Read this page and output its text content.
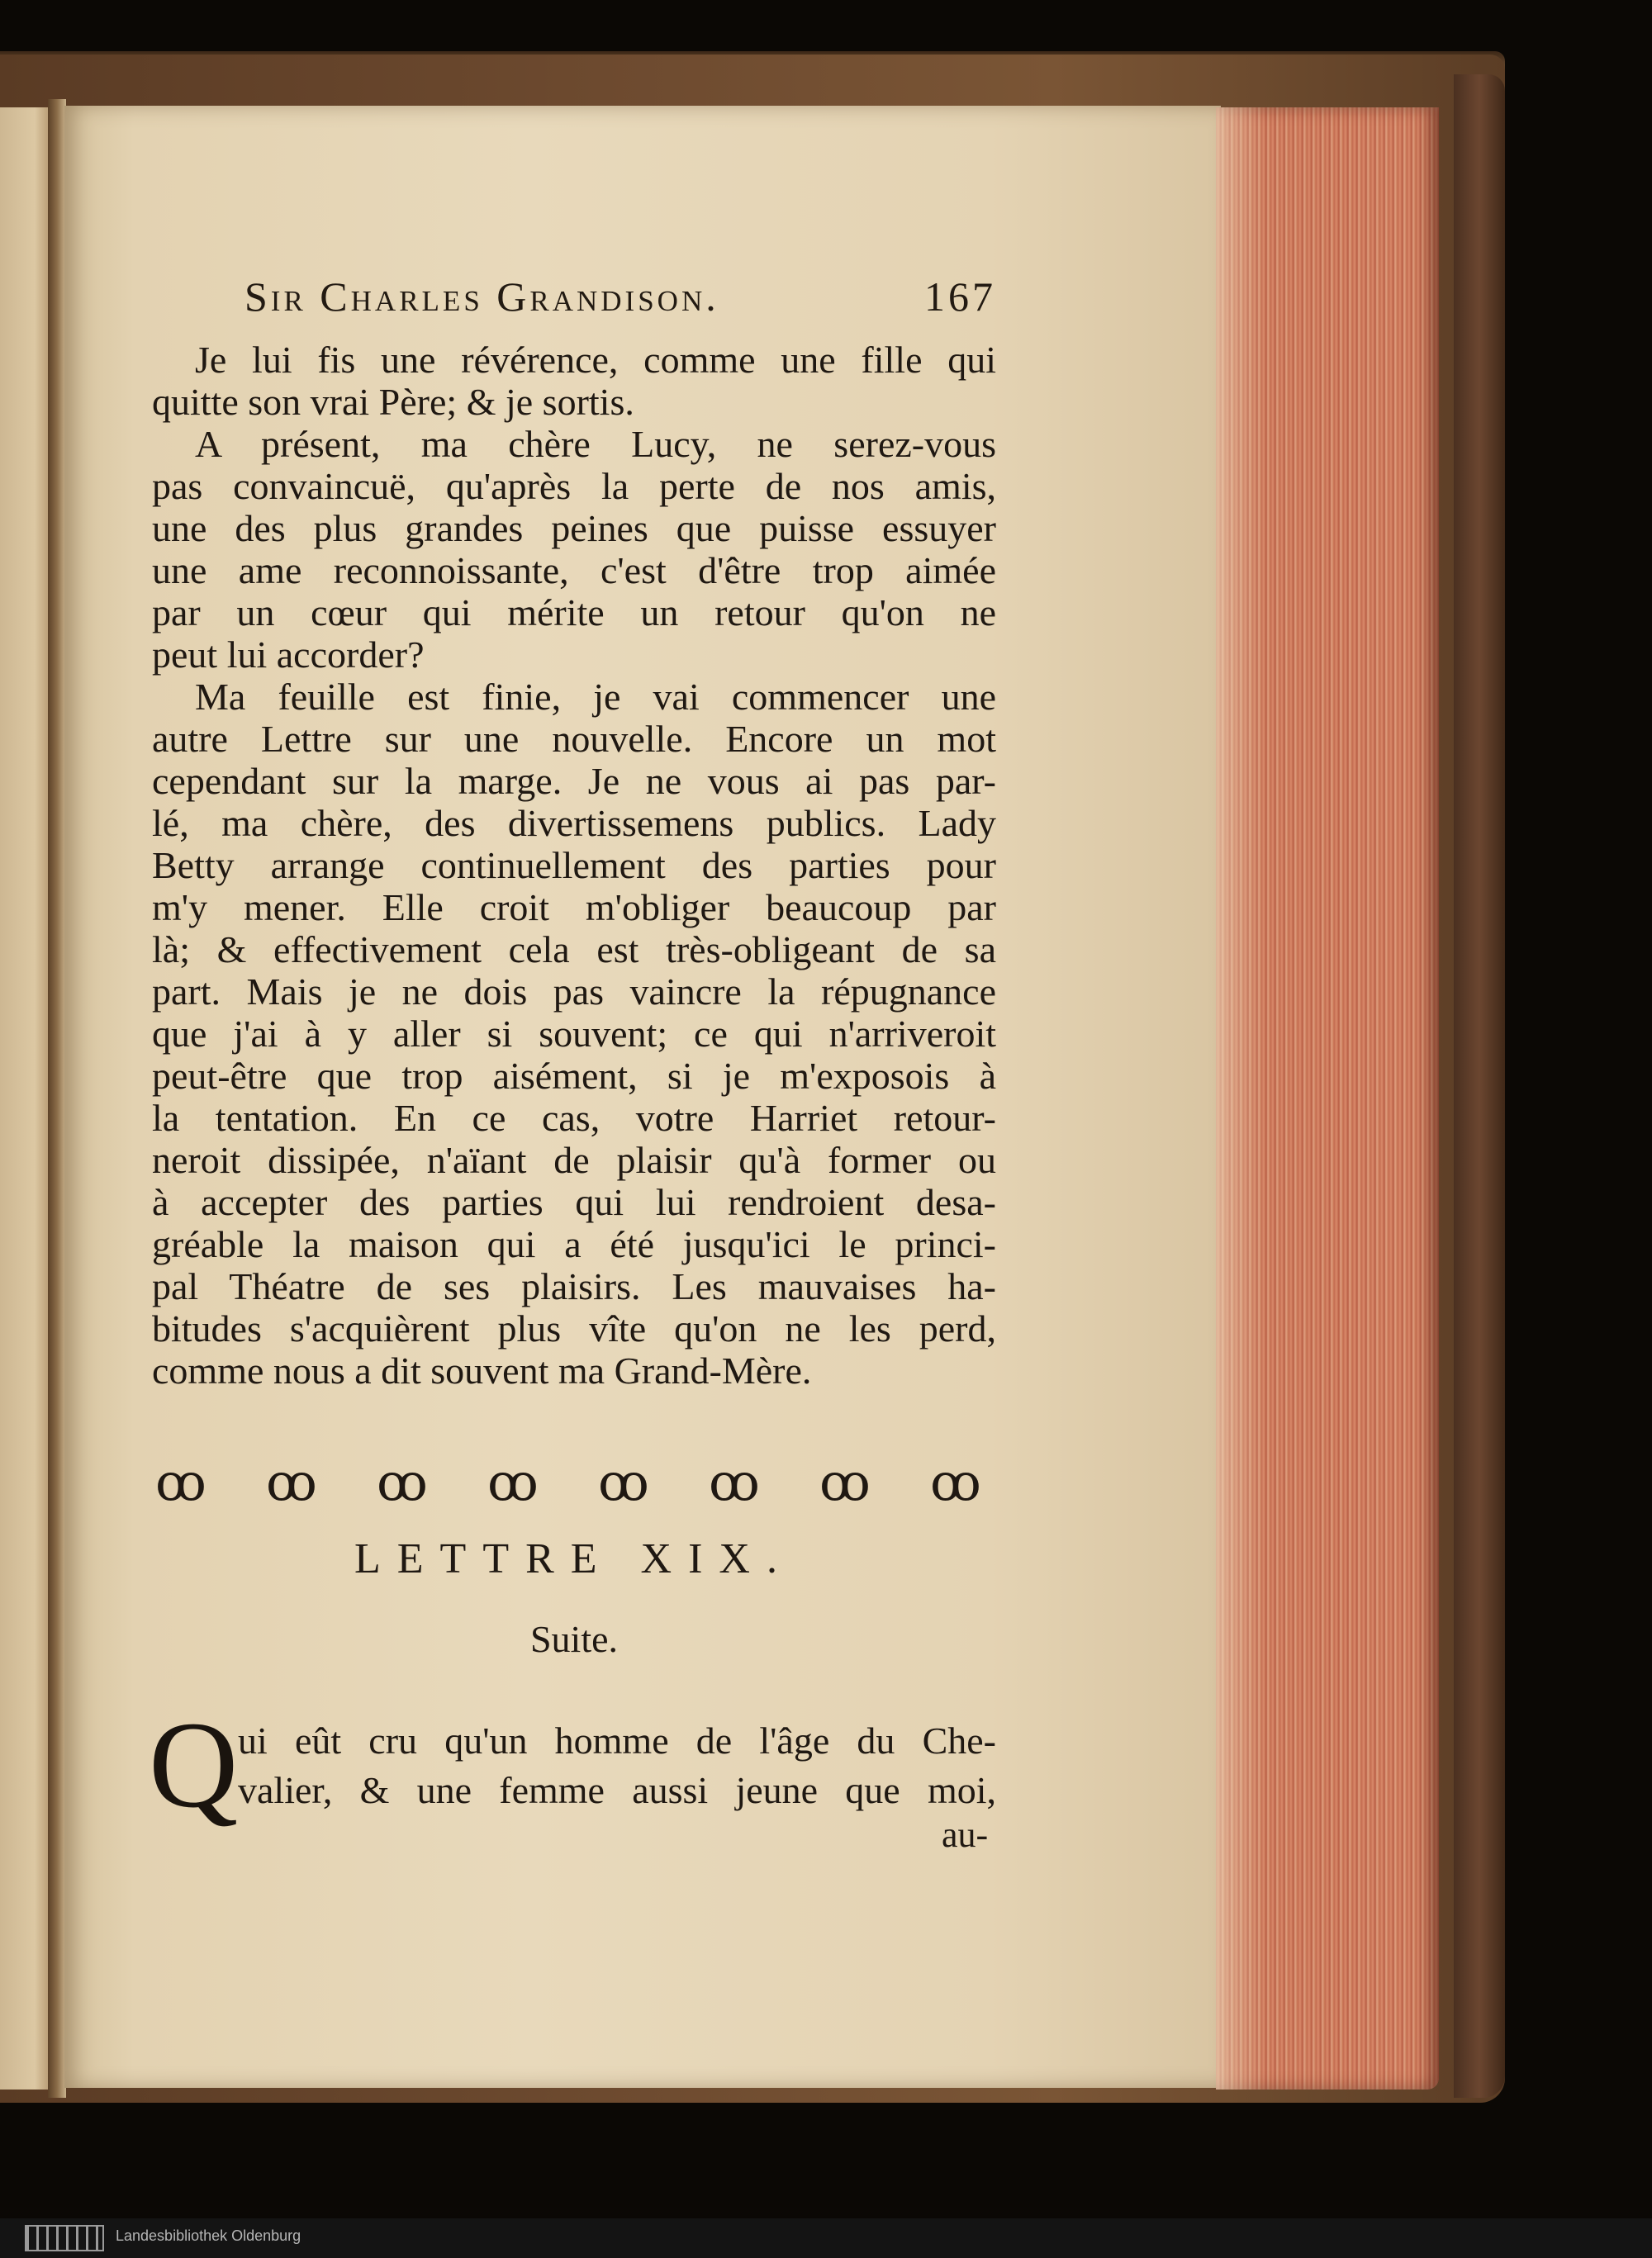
Sir Charles Grandison.	167
Je lui fis une révérence, comme une fille qui
quitte son vrai Père; & je sortis.
A présent, ma chère Lucy, ne serez-vous
pas convaincuë, qu'après la perte de nos amis,
une des plus grandes peines que puisse essuyer
une ame reconnoissante, c'est d'être trop aimée
par un cœur qui mérite un retour qu'on ne
peut lui accorder?
Ma feuille est finie, je vai commencer une
autre Lettre sur une nouvelle. Encore un mot
cependant sur la marge. Je ne vous ai pas par-
lé, ma chère, des divertissemens publics. Lady
Betty arrange continuellement des parties pour
m'y mener. Elle croit m'obliger beaucoup par
là; & effectivement cela est très-obligeant de sa
part. Mais je ne dois pas vaincre la répugnance
que j'ai à y aller si souvent; ce qui n'arriveroit
peut-être que trop aisément, si je m'exposois à
la tentation. En ce cas, votre Harriet retour-
neroit dissipée, n'aïant de plaisir qu'à former ou
à accepter des parties qui lui rendroient desa-
gréable la maison qui a été jusqu'ici le princi-
pal Théatre de ses plaisirs. Les mauvaises ha-
bitudes s'acquièrent plus vîte qu'on ne les perd,
comme nous a dit souvent ma Grand-Mère.
ꝏ ꝏ ꝏ ꝏ ꝏ ꝏ ꝏ ꝏ
LETTRE XIX.
Suite.
Q ui eût cru qu'un homme de l'âge du Che-
valier, & une femme aussi jeune que moi,
au-
Landesbibliothek Oldenburg
